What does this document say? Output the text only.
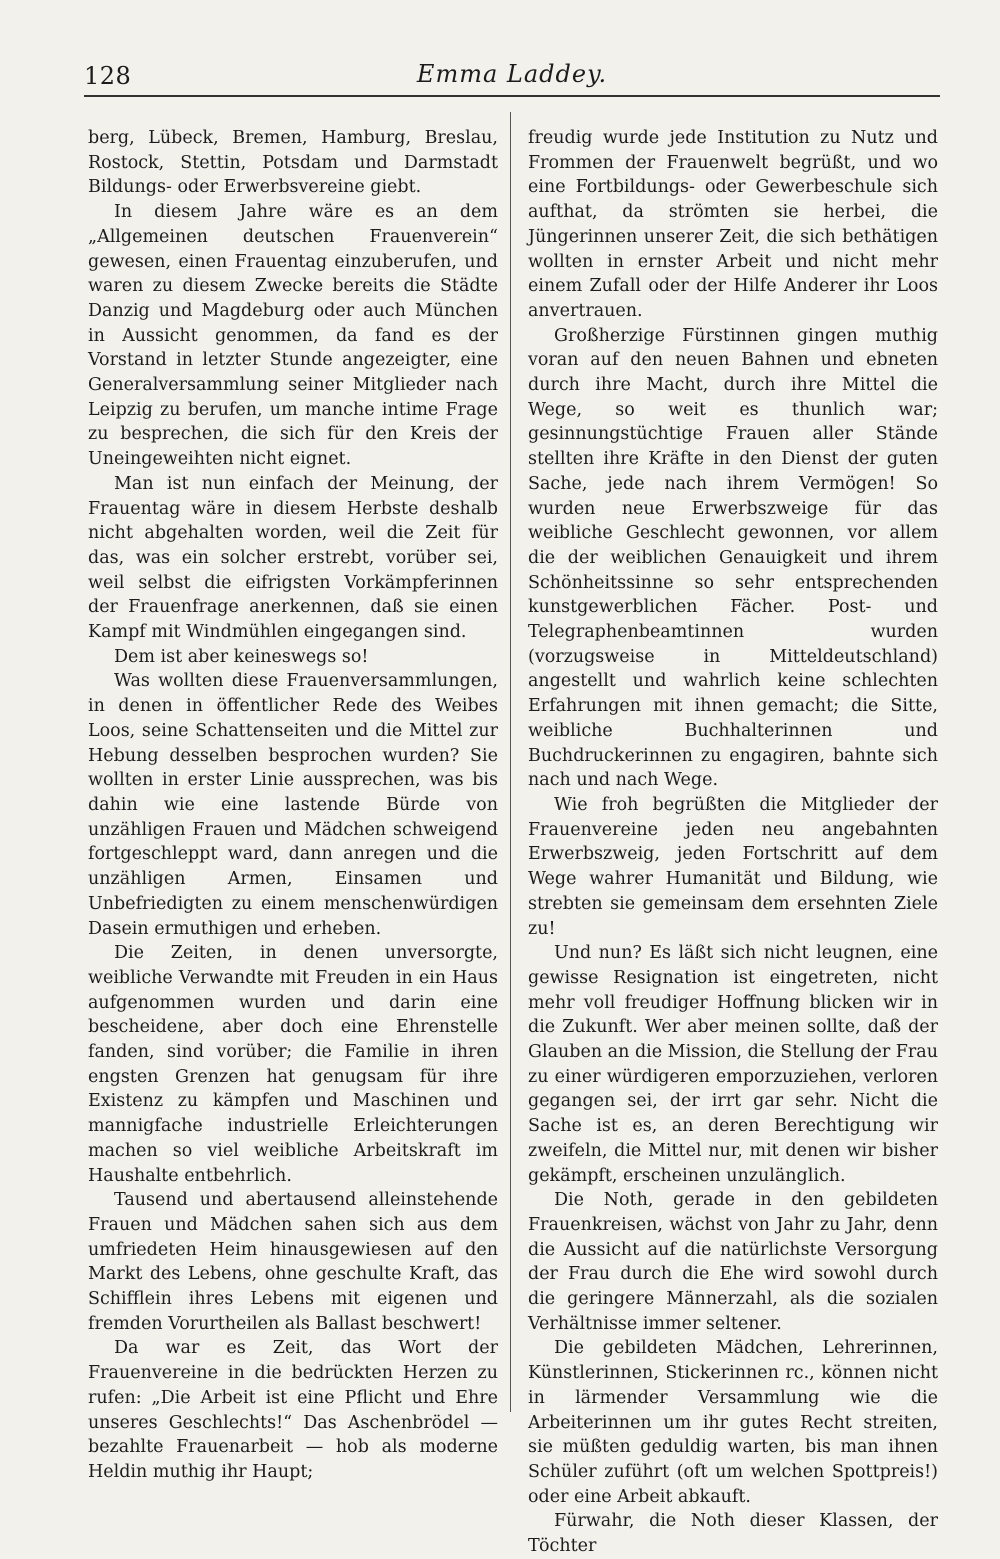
128	Emma Laddey.

berg, Lübeck, Bremen, Hamburg, Breslau, Rostock, Stettin, Potsdam und Darmstadt Bildungs- oder Erwerbsvereine giebt.

In diesem Jahre wäre es an dem „Allgemeinen deutschen Frauenverein“ gewesen, einen Frauentag einzuberufen, und waren zu diesem Zwecke bereits die Städte Danzig und Magdeburg oder auch München in Aussicht genommen, da fand es der Vorstand in letzter Stunde angezeigter, eine Generalversammlung seiner Mitglieder nach Leipzig zu berufen, um manche intime Frage zu besprechen, die sich für den Kreis der Uneingeweihten nicht eignet.

Man ist nun einfach der Meinung, der Frauentag wäre in diesem Herbste deshalb nicht abgehalten worden, weil die Zeit für das, was ein solcher erstrebt, vorüber sei, weil selbst die eifrigsten Vorkämpferinnen der Frauenfrage anerkennen, daß sie einen Kampf mit Windmühlen eingegangen sind.

Dem ist aber keineswegs so!

Was wollten diese Frauenversammlungen, in denen in öffentlicher Rede des Weibes Loos, seine Schattenseiten und die Mittel zur Hebung desselben besprochen wurden? Sie wollten in erster Linie aussprechen, was bis dahin wie eine lastende Bürde von unzähligen Frauen und Mädchen schweigend fortgeschleppt ward, dann anregen und die unzähligen Armen, Einsamen und Unbefriedigten zu einem menschenwürdigen Dasein ermuthigen und erheben.

Die Zeiten, in denen unversorgte, weibliche Verwandte mit Freuden in ein Haus aufgenommen wurden und darin eine bescheidene, aber doch eine Ehrenstelle fanden, sind vorüber; die Familie in ihren engsten Grenzen hat genugsam für ihre Existenz zu kämpfen und Maschinen und mannigfache industrielle Erleichterungen machen so viel weibliche Arbeitskraft im Haushalte entbehrlich.

Tausend und abertausend alleinstehende Frauen und Mädchen sahen sich aus dem umfriedeten Heim hinausgewiesen auf den Markt des Lebens, ohne geschulte Kraft, das Schifflein ihres Lebens mit eigenen und fremden Vorurtheilen als Ballast beschwert!

Da war es Zeit, das Wort der Frauenvereine in die bedrückten Herzen zu rufen: „Die Arbeit ist eine Pflicht und Ehre unseres Geschlechts!“ Das Aschenbrödel — bezahlte Frauenarbeit — hob als moderne Heldin muthig ihr Haupt;

freudig wurde jede Institution zu Nutz und Frommen der Frauenwelt begrüßt, und wo eine Fortbildungs- oder Gewerbeschule sich aufthat, da strömten sie herbei, die Jüngerinnen unserer Zeit, die sich bethätigen wollten in ernster Arbeit und nicht mehr einem Zufall oder der Hilfe Anderer ihr Loos anvertrauen.

Großherzige Fürstinnen gingen muthig voran auf den neuen Bahnen und ebneten durch ihre Macht, durch ihre Mittel die Wege, so weit es thunlich war; gesinnungstüchtige Frauen aller Stände stellten ihre Kräfte in den Dienst der guten Sache, jede nach ihrem Vermögen! So wurden neue Erwerbszweige für das weibliche Geschlecht gewonnen, vor allem die der weiblichen Genauigkeit und ihrem Schönheitssinne so sehr entsprechenden kunstgewerblichen Fächer. Post- und Telegraphenbeamtinnen wurden (vorzugsweise in Mitteldeutschland) angestellt und wahrlich keine schlechten Erfahrungen mit ihnen gemacht; die Sitte, weibliche Buchhalterinnen und Buchdruckerinnen zu engagiren, bahnte sich nach und nach Wege.

Wie froh begrüßten die Mitglieder der Frauenvereine jeden neu angebahnten Erwerbszweig, jeden Fortschritt auf dem Wege wahrer Humanität und Bildung, wie strebten sie gemeinsam dem ersehnten Ziele zu!

Und nun? Es läßt sich nicht leugnen, eine gewisse Resignation ist eingetreten, nicht mehr voll freudiger Hoffnung blicken wir in die Zukunft. Wer aber meinen sollte, daß der Glauben an die Mission, die Stellung der Frau zu einer würdigeren emporzuziehen, verloren gegangen sei, der irrt gar sehr. Nicht die Sache ist es, an deren Berechtigung wir zweifeln, die Mittel nur, mit denen wir bisher gekämpft, erscheinen unzulänglich.

Die Noth, gerade in den gebildeten Frauenkreisen, wächst von Jahr zu Jahr, denn die Aussicht auf die natürlichste Versorgung der Frau durch die Ehe wird sowohl durch die geringere Männerzahl, als die sozialen Verhältnisse immer seltener.

Die gebildeten Mädchen, Lehrerinnen, Künstlerinnen, Stickerinnen rc., können nicht in lärmender Versammlung wie die Arbeiterinnen um ihr gutes Recht streiten, sie müßten geduldig warten, bis man ihnen Schüler zuführt (oft um welchen Spottpreis!) oder eine Arbeit abkauft.

Fürwahr, die Noth dieser Klassen, der Töchter
